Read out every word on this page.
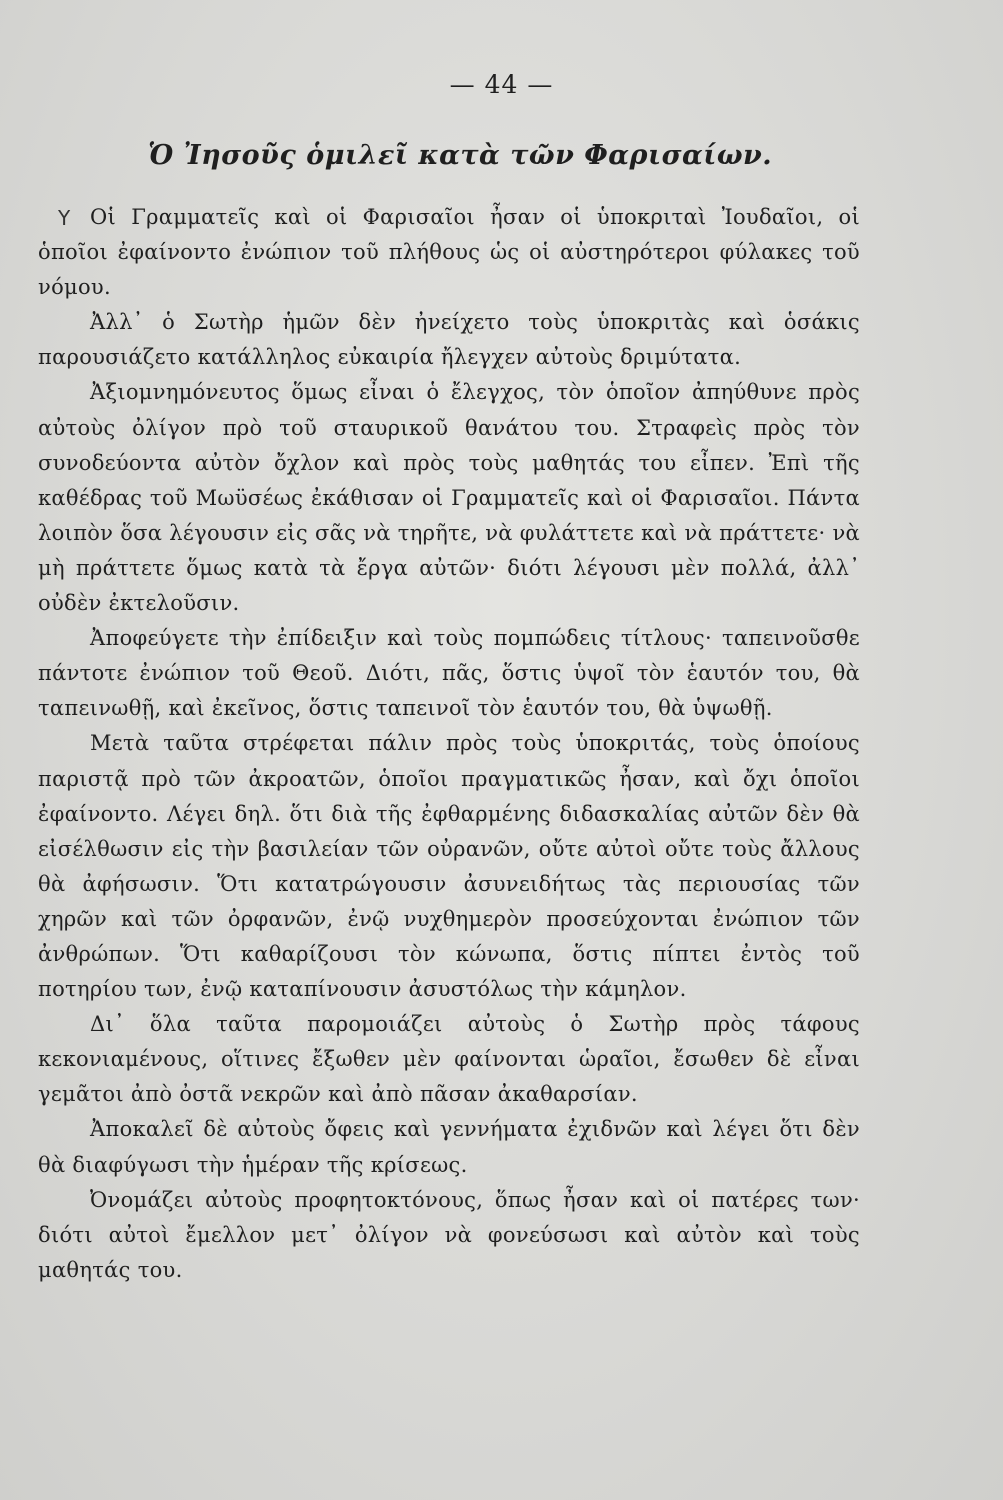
— 44 —
Ὁ Ἰησοῦς ὁμιλεῖ κατὰ τῶν Φαρισαίων.
Υ Οἱ Γραμματεῖς καὶ οἱ Φαρισαῖοι ἦσαν οἱ ὑποκριταὶ Ἰουδαῖοι, οἱ ὁποῖοι ἐφαίνοντο ἐνώπιον τοῦ πλήθους ὡς οἱ αὐστηρότεροι φύλακες τοῦ νόμου.

Ἀλλ᾽ ὁ Σωτὴρ ἡμῶν δὲν ἠνείχετο τοὺς ὑποκριτὰς καὶ ὁσάκις παρουσιάζετο κατάλληλος εὐκαιρία ἤλεγχεν αὐτοὺς δριμύτατα.

Ἀξιομνημόνευτος ὅμως εἶναι ὁ ἔλεγχος, τὸν ὁποῖον ἀπηύθυνε πρὸς αὐτοὺς ὀλίγον πρὸ τοῦ σταυρικοῦ θανάτου του. Στραφεὶς πρὸς τὸν συνοδεύοντα αὐτὸν ὄχλον καὶ πρὸς τοὺς μαθητάς του εἶπεν. Ἐπὶ τῆς καθέδρας τοῦ Μωϋσέως ἐκάθισαν οἱ Γραμματεῖς καὶ οἱ Φαρισαῖοι. Πάντα λοιπὸν ὅσα λέγουσιν εἰς σᾶς νὰ τηρῆτε, νὰ φυλάττετε καὶ νὰ πράττετε· νὰ μὴ πράττετε ὅμως κατὰ τὰ ἔργα αὐτῶν· διότι λέγουσι μὲν πολλά, ἀλλ᾽ οὐδὲν ἐκτελοῦσιν.

Ἀποφεύγετε τὴν ἐπίδειξιν καὶ τοὺς πομπώδεις τίτλους· ταπεινοῦσθε πάντοτε ἐνώπιον τοῦ Θεοῦ. Διότι, πᾶς, ὅστις ὑψοῖ τὸν ἑαυτόν του, θὰ ταπεινωθῇ, καὶ ἐκεῖνος, ὅστις ταπεινοῖ τὸν ἑαυτόν του, θὰ ὑψωθῇ.

Μετὰ ταῦτα στρέφεται πάλιν πρὸς τοὺς ὑποκριτάς, τοὺς ὁποίους παριστᾷ πρὸ τῶν ἀκροατῶν, ὁποῖοι πραγματικῶς ἦσαν, καὶ ὄχι ὁποῖοι ἐφαίνοντο. Λέγει δηλ. ὅτι διὰ τῆς ἐφθαρμένης διδασκαλίας αὐτῶν δὲν θὰ εἰσέλθωσιν εἰς τὴν βασιλείαν τῶν οὐρανῶν, οὔτε αὐτοὶ οὔτε τοὺς ἄλλους θὰ ἀφήσωσιν. Ὅτι κατατρώγουσιν ἀσυνειδήτως τὰς περιουσίας τῶν χηρῶν καὶ τῶν ὀρφανῶν, ἐνῷ νυχθημερὸν προσεύχονται ἐνώπιον τῶν ἀνθρώπων. Ὅτι καθαρίζουσι τὸν κώνωπα, ὅστις πίπτει ἐντὸς τοῦ ποτηρίου των, ἐνῷ καταπίνουσιν ἀσυστόλως τὴν κάμηλον.

Δι᾽ ὅλα ταῦτα παρομοιάζει αὐτοὺς ὁ Σωτὴρ πρὸς τάφους κεκονιαμένους, οἵτινες ἔξωθεν μὲν φαίνονται ὡραῖοι, ἔσωθεν δὲ εἶναι γεμᾶτοι ἀπὸ ὀστᾶ νεκρῶν καὶ ἀπὸ πᾶσαν ἀκαθαρσίαν.

Ἀποκαλεῖ δὲ αὐτοὺς ὄφεις καὶ γεννήματα ἐχιδνῶν καὶ λέγει ὅτι δὲν θὰ διαφύγωσι τὴν ἡμέραν τῆς κρίσεως.

Ὀνομάζει αὐτοὺς προφητοκτόνους, ὅπως ἦσαν καὶ οἱ πατέρες των· διότι αὐτοὶ ἔμελλον μετ᾽ ὀλίγον νὰ φονεύσωσι καὶ αὐτὸν καὶ τοὺς μαθητάς του.
